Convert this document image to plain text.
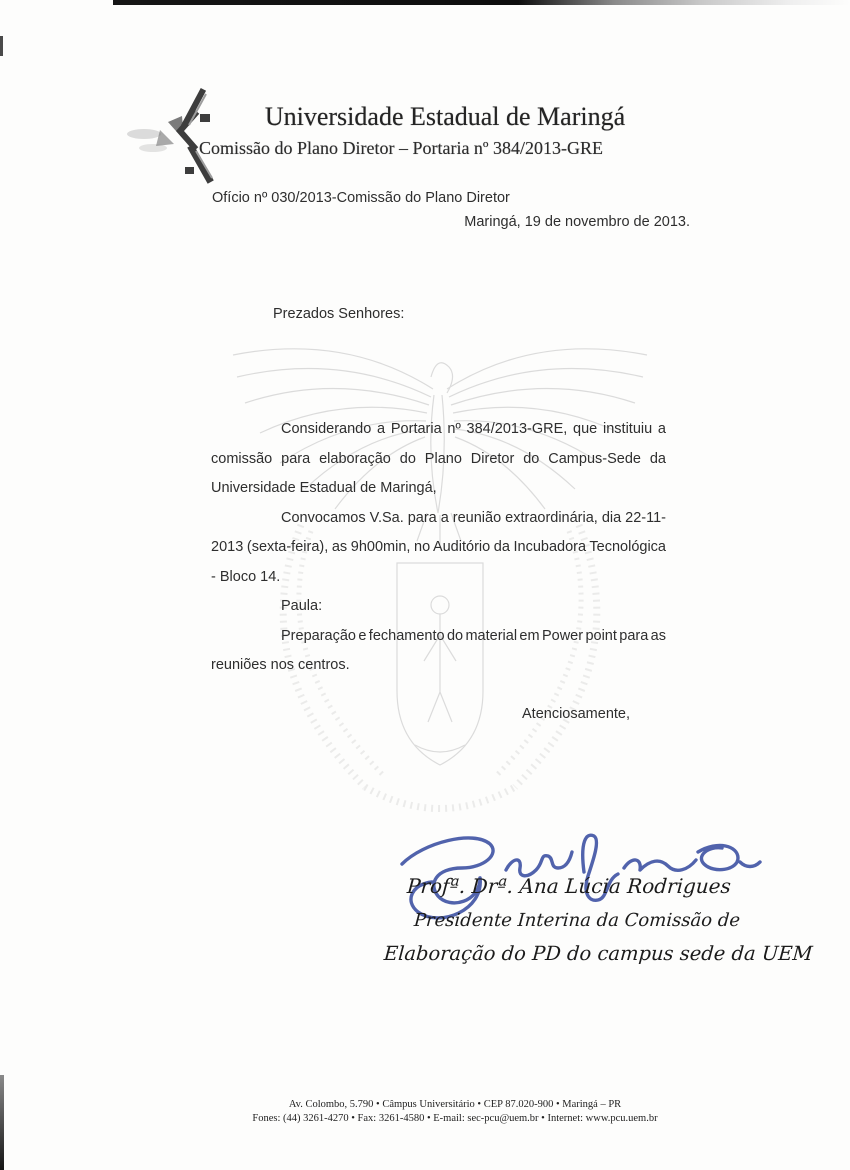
Universidade Estadual de Maringá
Comissão do Plano Diretor – Portaria nº 384/2013-GRE
Ofício nº 030/2013-Comissão do Plano Diretor
Maringá, 19 de novembro de 2013.
Prezados Senhores:
Considerando a Portaria nº 384/2013-GRE, que instituiu a
comissão para elaboração do Plano Diretor do Campus-Sede da
Universidade Estadual de Maringá,
Convocamos V.Sa. para a reunião extraordinária, dia 22-11-
2013 (sexta-feira), as 9h00min, no Auditório da Incubadora Tecnológica
- Bloco 14.
Paula:
Preparação e fechamento do material em Power point para as
reuniões nos centros.
Atenciosamente,
Profª. Drª. Ana Lúcia Rodrigues
Presidente Interina da Comissão de
Elaboração do PD do campus sede da UEM
Av. Colombo, 5.790 • Câmpus Universitário • CEP 87.020-900 • Maringá – PR
Fones: (44) 3261-4270 • Fax: 3261-4580 • E-mail: sec-pcu@uem.br • Internet: www.pcu.uem.br
